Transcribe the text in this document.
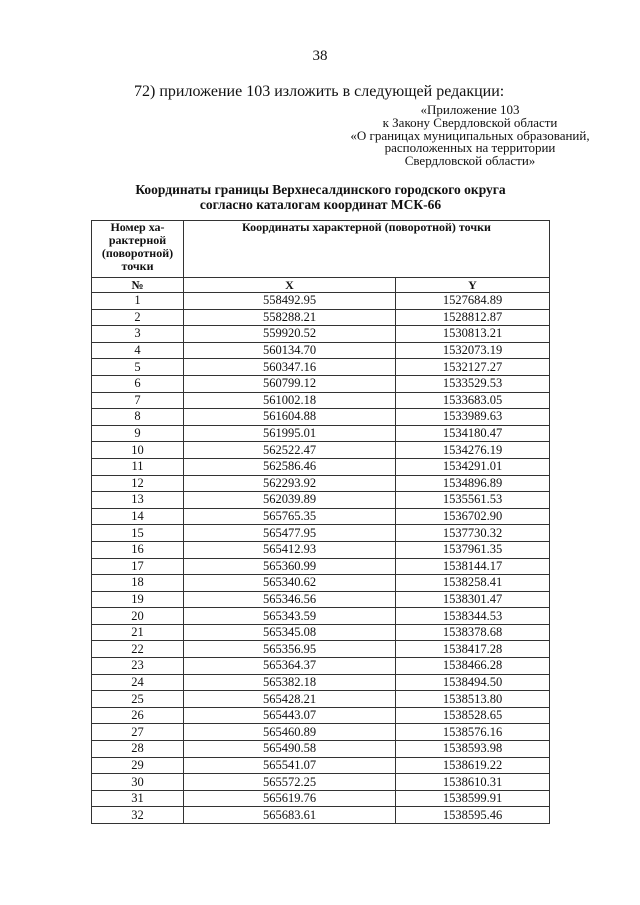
38
72) приложение 103 изложить в следующей редакции:
«Приложение 103
к Закону Свердловской области
«О границах муниципальных образований,
расположенных на территории
Свердловской области»
Координаты границы Верхнесалдинского городского округа
согласно каталогам координат МСК-66
Номер ха-
рактерной
(поворотной)
точки	Координаты характерной (поворотной) точки	
№	X	Y
1	558492.95	1527684.89
2	558288.21	1528812.87
3	559920.52	1530813.21
4	560134.70	1532073.19
5	560347.16	1532127.27
6	560799.12	1533529.53
7	561002.18	1533683.05
8	561604.88	1533989.63
9	561995.01	1534180.47
10	562522.47	1534276.19
11	562586.46	1534291.01
12	562293.92	1534896.89
13	562039.89	1535561.53
14	565765.35	1536702.90
15	565477.95	1537730.32
16	565412.93	1537961.35
17	565360.99	1538144.17
18	565340.62	1538258.41
19	565346.56	1538301.47
20	565343.59	1538344.53
21	565345.08	1538378.68
22	565356.95	1538417.28
23	565364.37	1538466.28
24	565382.18	1538494.50
25	565428.21	1538513.80
26	565443.07	1538528.65
27	565460.89	1538576.16
28	565490.58	1538593.98
29	565541.07	1538619.22
30	565572.25	1538610.31
31	565619.76	1538599.91
32	565683.61	1538595.46
